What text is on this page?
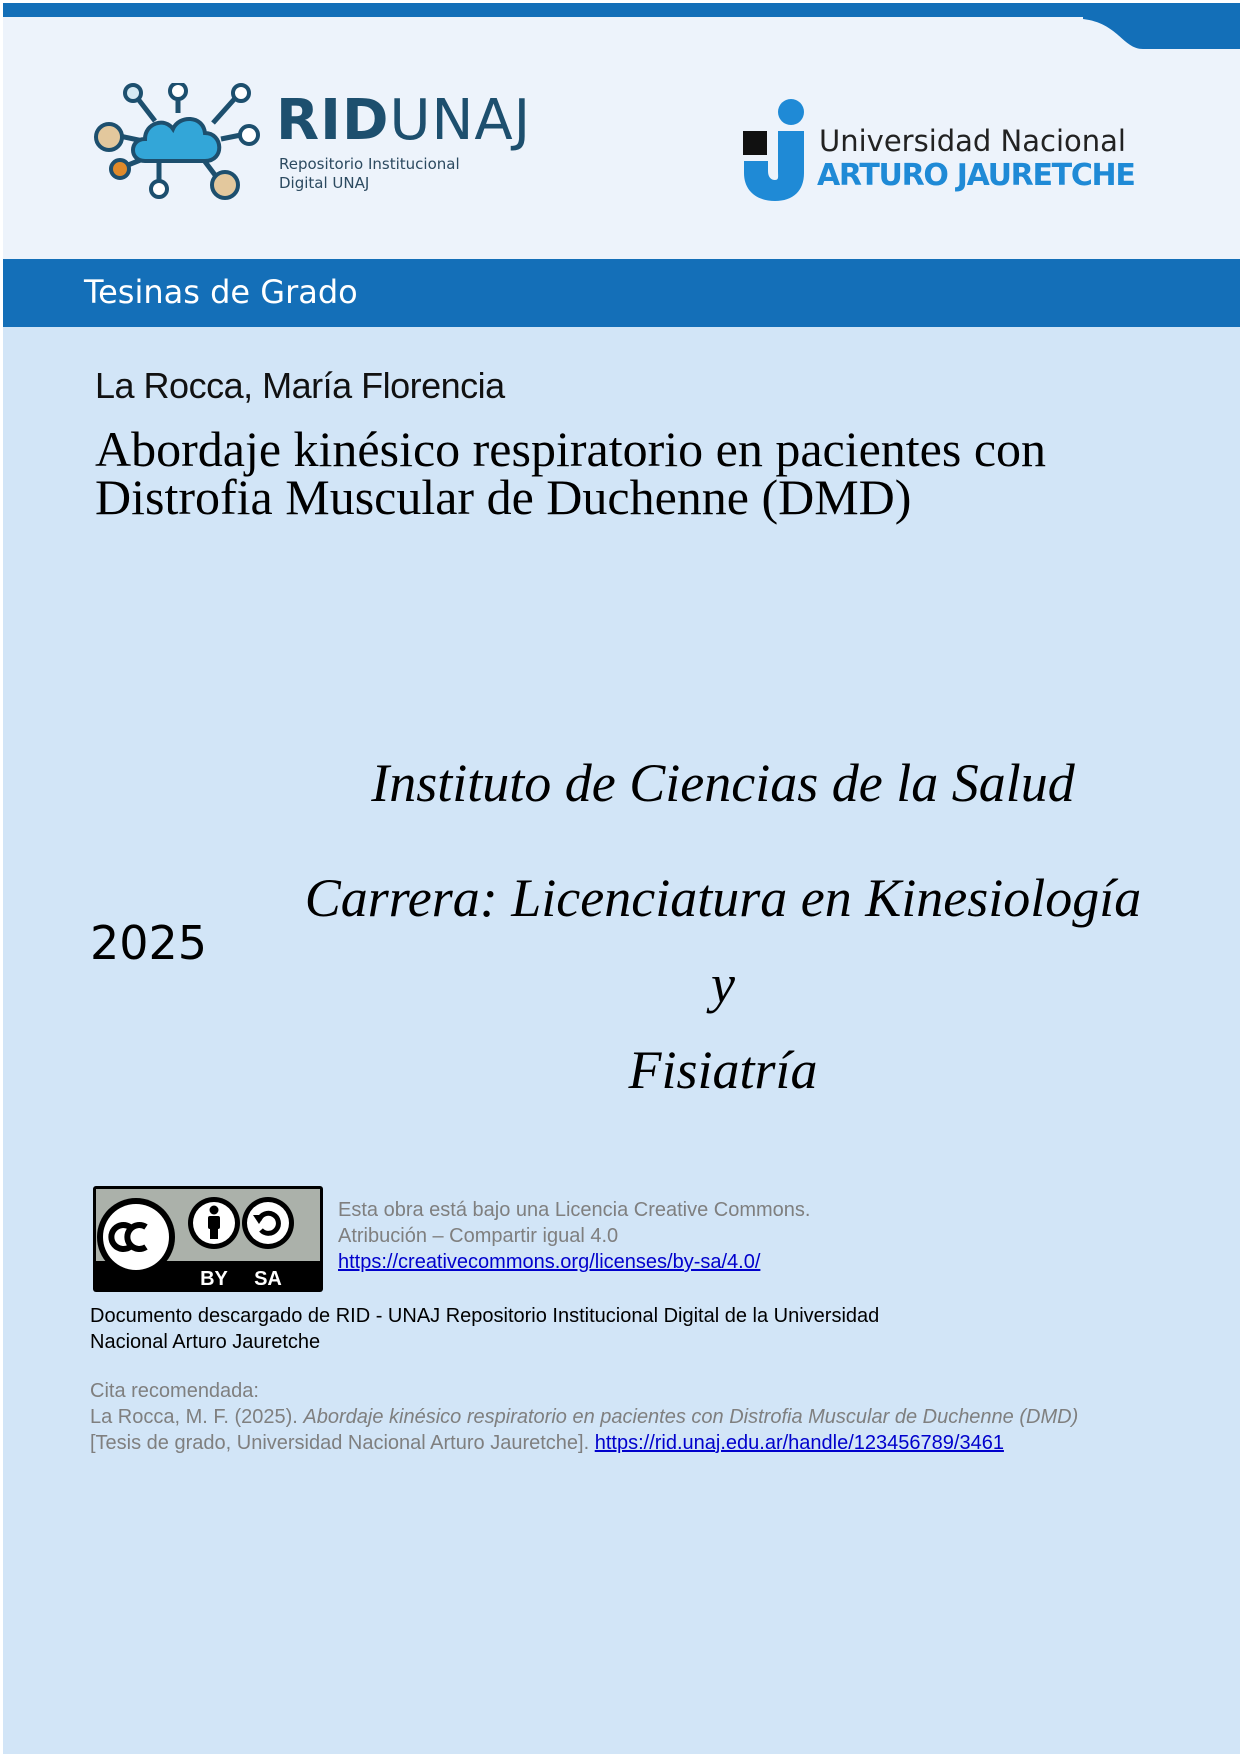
RIDUNAJ
Repositorio Institucional
Digital UNAJ
Universidad Nacional
ARTURO JAURETCHE

Tesinas de Grado

La Rocca, María Florencia

Abordaje kinésico respiratorio en pacientes con
Distrofia Muscular de Duchenne (DMD)

Instituto de Ciencias de la Salud

Carrera: Licenciatura en Kinesiología y
Fisiatría

2025

BY SA
Esta obra está bajo una Licencia Creative Commons.
Atribución – Compartir igual 4.0
https://creativecommons.org/licenses/by-sa/4.0/
Documento descargado de RID - UNAJ Repositorio Institucional Digital de la Universidad
Nacional Arturo Jauretche
Cita recomendada:
La Rocca, M. F. (2025). Abordaje kinésico respiratorio en pacientes con Distrofia Muscular de Duchenne (DMD)
[Tesis de grado, Universidad Nacional Arturo Jauretche]. https://rid.unaj.edu.ar/handle/123456789/3461
